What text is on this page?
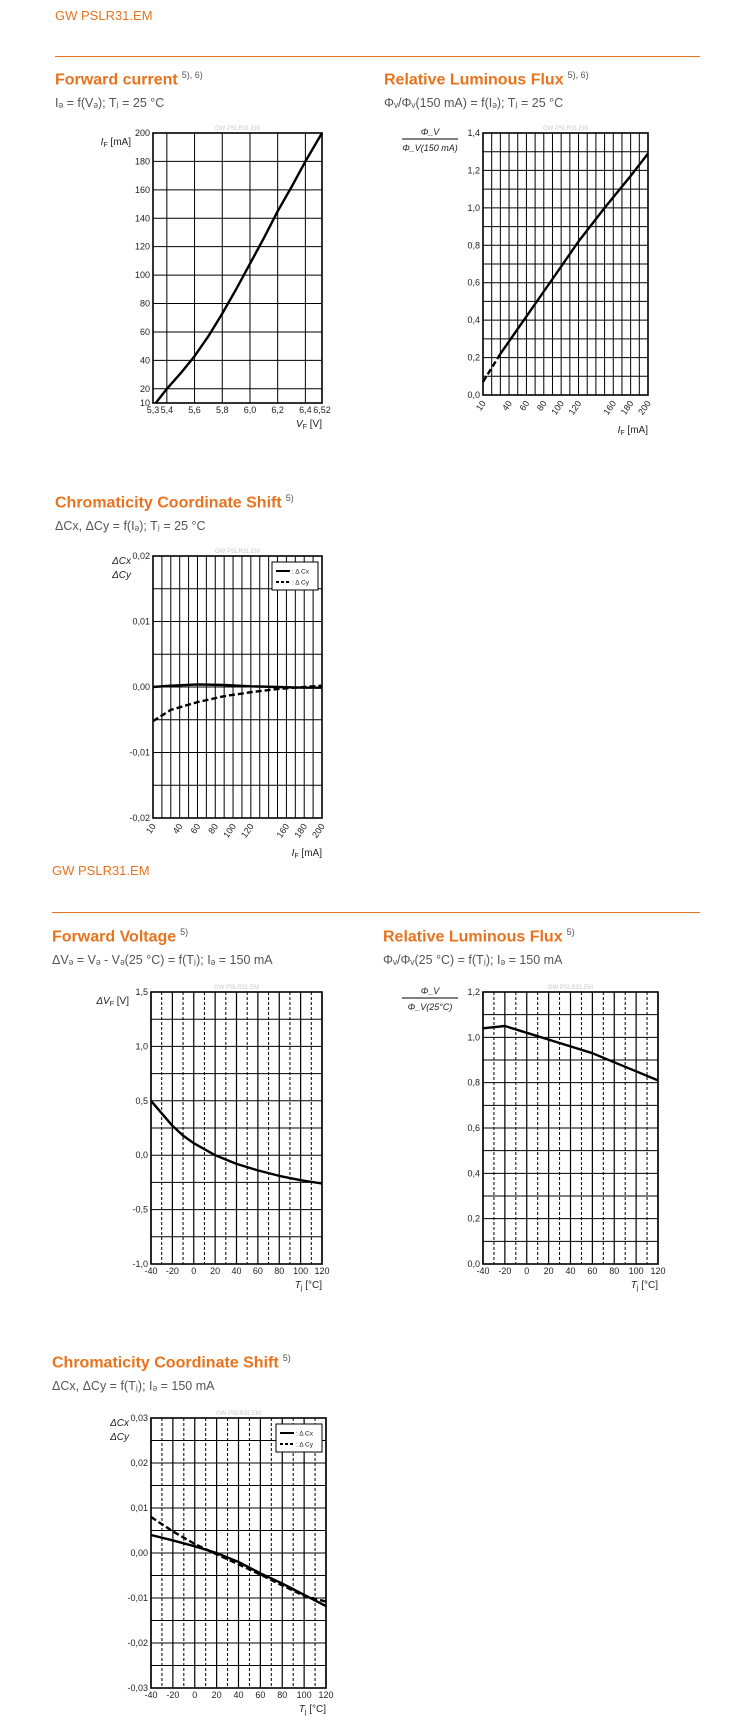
GW PSLR31.EM
Forward current $^{5), 6)}$
Iₔ = f(Vₔ); Tⱼ = 25 °C
Relative Luminous Flux $^{5), 6)}$
Φᵥ/Φᵥ(150 mA) = f(Iₔ); Tⱼ = 25 °C
Chromaticity Coordinate Shift $^{5)}$
ΔCx, ΔCy = f(Iₔ); Tⱼ = 25 °C
GW PSLR31.EM
Forward Voltage $^{5)}$
ΔVₔ = Vₔ - Vₔ(25 °C) = f(Tⱼ); Iₔ = 150 mA
Relative Luminous Flux $^{5)}$
Φᵥ/Φᵥ(25 °C) = f(Tⱼ); Iₔ = 150 mA
Chromaticity Coordinate Shift $^{5)}$
ΔCx, ΔCy = f(Tⱼ); Iₔ = 150 mA
GW PSLR31.EM
5,3 5,4 5,6 5,8 6,0 6,2 6,4 6,52
10
20
40
60
80
100
120
140
160
180
200
$V_F$ [V]
$I_F$ [mA]
GW PSLR31.EM
10 40 60 80 100 120 160 180 200
0,0
0,2
0,4
0,6
0,8
1,0
1,2
1,4
$I_F$ [mA]
Φ_V
Φ_V(150 mA)
GW PSLR31.EM
10 40 60 80 100 120 160 180 200
-0,02
-0,01
0,00
0,01
0,02
$I_F$ [mA]
ΔCx
ΔCy	: Δ Cx
: Δ Cy
GW PSLR31.EM
-40 -20 0 20 40 60 80 100 120
-1,0
-0,5
0,0
0,5
1,0
1,5
$T_j$ [°C]
$\Delta V_F$ [V]
GW PSLR31.EM
-40 -20 0 20 40 60 80 100 120
0,0
0,2
0,4
0,6
0,8
1,0
1,2
$T_j$ [°C]
Φ_V
Φ_V(25°C)
GW PSLR31.EM
-40 -20 0 20 40 60 80 100 120
-0,03
-0,02
-0,01
0,00
0,01
0,02
0,03
$T_j$ [°C]
ΔCx
ΔCy	: Δ Cx
: Δ Cy
